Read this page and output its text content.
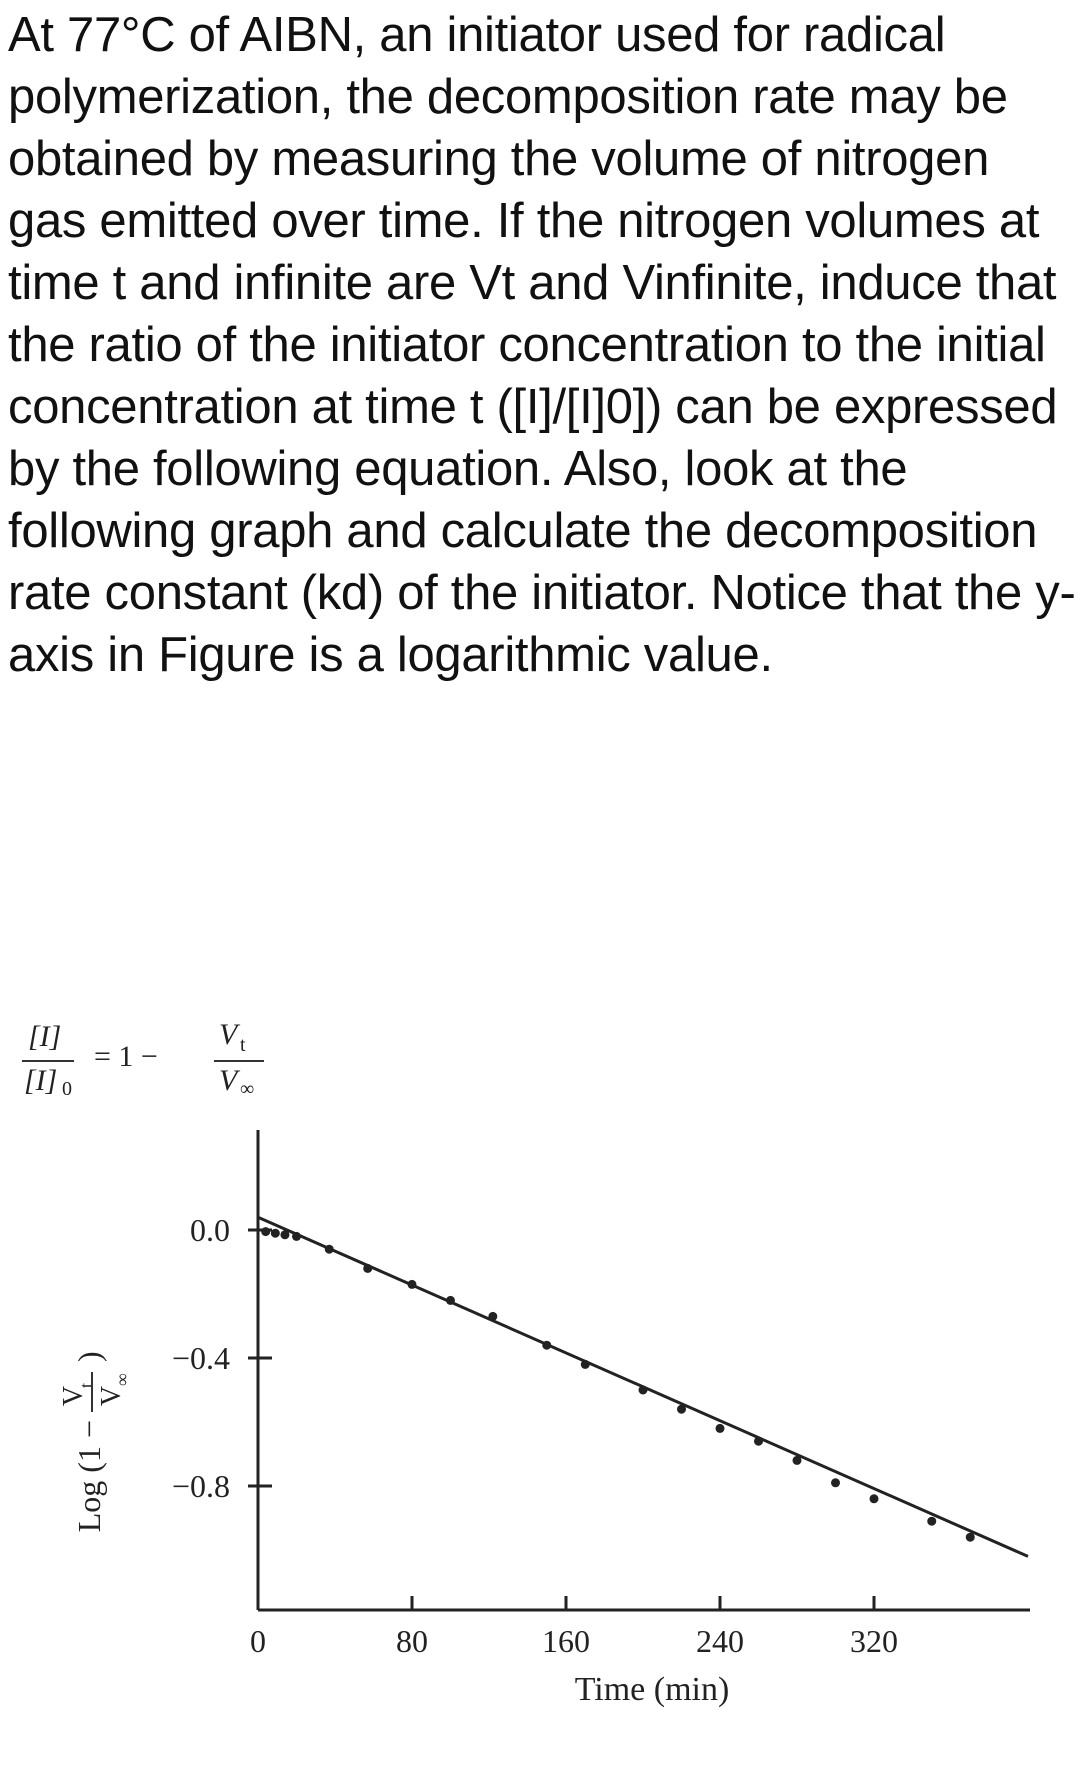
At 77°C of AIBN, an initiator used for radical polymerization, the decomposition rate may be obtained by measuring the volume of nitrogen gas emitted over time. If the nitrogen volumes at time t and infinite are Vt and Vinfinite, induce that the ratio of the initiator concentration to the initial concentration at time t ([I]/[I]0]) can be expressed by the following equation. Also, look at the following graph and calculate the decomposition rate constant (kd) of the initiator. Notice that the y-axis in Figure is a logarithmic value.

[I]
[I] 0
= 1 −
V t
V ∞
0.0
−0.4
−0.8
0	80	160	240	320
Time (min)
Log (1 −
V
t
V
∞
)
